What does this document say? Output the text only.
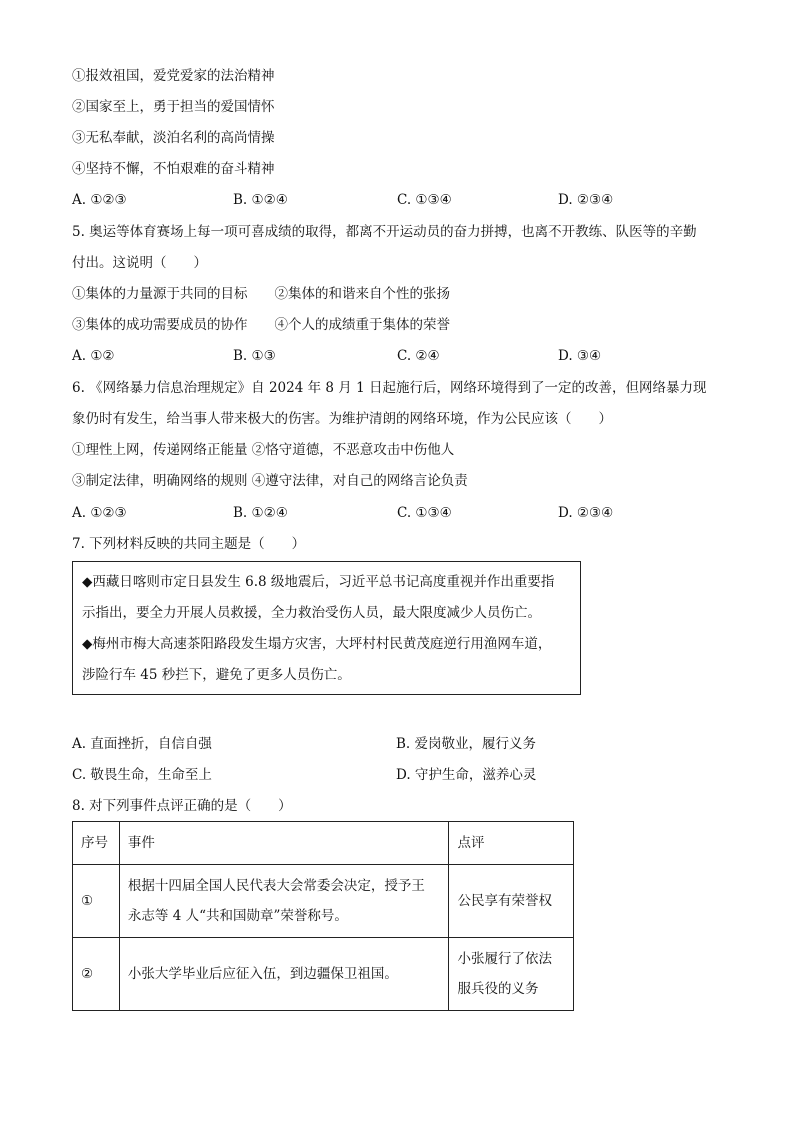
①报效祖国，爱党爱家的法治精神
②国家至上，勇于担当的爱国情怀
③无私奉献，淡泊名利的高尚情操
④坚持不懈，不怕艰难的奋斗精神
A. ①②③	B. ①②④	C. ①③④	D. ②③④
5. 奥运等体育赛场上每一项可喜成绩的取得，都离不开运动员的奋力拼搏，也离不开教练、队医等的辛勤
付出。这说明（　　）
①集体的力量源于共同的目标　　②集体的和谐来自个性的张扬
③集体的成功需要成员的协作　　④个人的成绩重于集体的荣誉
A. ①②	B. ①③	C. ②④	D. ③④
6. 《网络暴力信息治理规定》自 2024 年 8 月 1 日起施行后，网络环境得到了一定的改善，但网络暴力现
象仍时有发生，给当事人带来极大的伤害。为维护清朗的网络环境，作为公民应该（　　）
①理性上网，传递网络正能量 ②恪守道德，不恶意攻击中伤他人
③制定法律，明确网络的规则 ④遵守法律，对自己的网络言论负责
A. ①②③	B. ①②④	C. ①③④	D. ②③④
7. 下列材料反映的共同主题是（　　）
◆西藏日喀则市定日县发生 6.8 级地震后，习近平总书记高度重视并作出重要指
示指出，要全力开展人员救援，全力救治受伤人员，最大限度减少人员伤亡。
◆梅州市梅大高速茶阳路段发生塌方灾害，大坪村村民黄茂庭逆行用渔网车道，
涉险行车 45 秒拦下，避免了更多人员伤亡。
A. 直面挫折，自信自强	B. 爱岗敬业，履行义务
C. 敬畏生命，生命至上	D. 守护生命，滋养心灵
8. 对下列事件点评正确的是（　　）
序号	事件	点评
①	根据十四届全国人民代表大会常委会决定，授予王
永志等 4 人“共和国勋章”荣誉称号。	公民享有荣誉权

②	小张大学毕业后应征入伍，到边疆保卫祖国。	小张履行了依法
服兵役的义务
